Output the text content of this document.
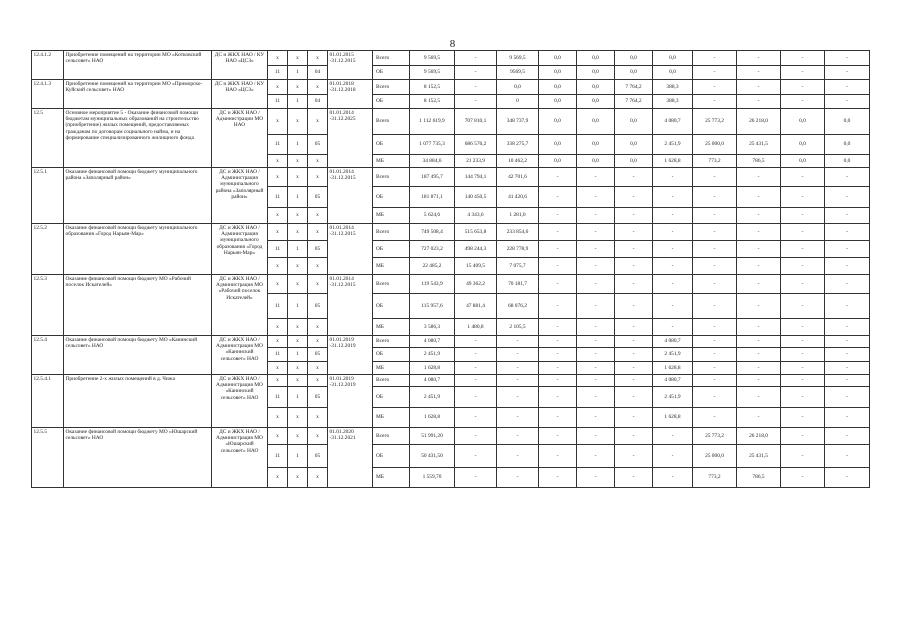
8
12.4.1.2	Приобретение помещений на территории МО «Котковский сельсовет» НАО	ДС и ЖКХ НАО / КУ НАО «ЦСЗ»	х	х	х	01.01.2015 -31.12.2015	Всего	9 569,5	-	9 569,5	0,0	0,0	0,0	0,0	-	-	-	-
			11	1	04		ОБ	9 569,5	-	9569,5	0,0	0,0	0,0	0,0	-	-	-	-
12.4.1.3	Приобретение помещений на территории МО «Приморско-Куйский сельсовет» НАО	ДС и ЖКХ НАО / КУ НАО «ЦСЗ»	х	х	х	01.01.2018 -31.12.2018	Всего	8 152,5	-	0,0	0,0	0,0	7 764,2	388,3	-	-	-	-
			11	1	04		ОБ	8 152,5	-	0	0,0	0,0	7 764,2	388,3	-	-	-	-
12.5	Основное мероприятие 5 - Оказание финансовой помощи бюджетам муниципальных образований на строительство (приобретение) жилых помещений, предоставляемых гражданам по договорам социального найма, и на формирование специализированного жилищного фонда	ДС и ЖКХ НАО / Администрации МО НАО	х	х	х	01.01.2014 -31.12.2025	Всего	1 112 619,9	707 810,1	348 737,9	0,0	0,0	0,0	4 080,7	25 773,2	26 218,0	0,0	0,0
			11	1	05		ОБ	1 077 735,3	686 576,2	338 275,7	0,0	0,0	0,0	2 451,9	25 000,0	25 431,5	0,0	0,0
			х	х	х		МБ	34 884,6	21 233,9	10 462,2	0,0	0,0	0,0	1 628,8	773,2	786,5	0,0	0,0
12.5.1	Оказание финансовой помощи бюджету муниципального района «Заполярный район»	ДС и ЖКХ НАО / Администрация муниципального района «Заполярный район»	х	х	х	01.01.2014 -31.12.2015	Всего	187 495,7	144 794,1	42 701,6	-	-	-	-	-	-	-	-
			11	1	05		ОБ	181 871,1	140 450,5	41 420,6	-	-	-	-	-	-	-	-
			х	х	х		МБ	5 624,6	4 343,6	1 281,0	-	-	-	-	-	-	-	-
12.5.2	Оказание финансовой помощи бюджету муниципального образования «Город Нарьян-Мар»	ДС и ЖКХ НАО / Администрация муниципального образования «Город Нарьян-Мар»	х	х	х	01.01.2014 -31.12.2015	Всего	749 508,4	515 653,8	233 854,6	-	-	-	-	-	-	-	-
			11	1	05		ОБ	727 023,2	498 244,3	228 778,9	-	-	-	-	-	-	-	-
			х	х	х		МБ	22 485,2	15 409,5	7 075,7	-	-	-	-	-	-	-	-
12.5.3	Оказание финансовой помощи бюджету МО «Рабочий поселок Искателей»	ДС и ЖКХ НАО / Администрация МО «Рабочий поселок Искателей»	х	х	х	01.01.2014 -31.12.2015	Всего	119 543,9	49 362,2	70 181,7	-	-	-	-	-	-	-	-
			11	1	05		ОБ	115 957,6	47 881,4	68 076,2	-	-	-	-	-	-	-	-
			х	х	х		МБ	3 586,3	1 480,8	2 105,5	-	-	-	-	-	-	-	-
12.5.4	Оказание финансовой помощи бюджету МО «Канинский сельсовет» НАО	ДС и ЖКХ НАО / Администрация МО «Канинский сельсовет» НАО	х	х	х	01.01.2019 -31.12.2019	Всего	4 080,7	-	-	-	-	-	4 080,7	-	-	-	-
			11	1	05		ОБ	2 451,9	-	-	-	-	-	2 451,9	-	-	-	-
			х	х	х		МБ	1 628,8	-	-	-	-	-	1 628,8	-	-	-	-
12.5.4.1	Приобретение 2-х жилых помещений в д. Чижа	ДС и ЖКХ НАО / Администрация МО «Канинский сельсовет» НАО	х	х	х	01.01.2019 -31.12.2019	Всего	4 080,7	-	-	-	-	-	4 080,7	-	-	-	-
			11	1	05		ОБ	2 451,9	-	-	-	-	-	2 451,9	-	-	-	-
			х	х	х		МБ	1 628,8	-	-	-	-	-	1 628,8	-	-	-	-
12.5.5	Оказание финансовой помощи бюджету МО «Юшарский сельсовет» НАО	ДС и ЖКХ НАО / Администрация МО «Юшарский сельсовет» НАО	х	х	х	01.01.2020 -31.12.2021	Всего	51 991,20	-	-	-	-	-	-	25 773,2	26 218,0	-	-
			11	1	05		ОБ	50 431,50	-	-	-	-	-	-	25 000,0	25 431,5	-	-
			х	х	х		МБ	1 559,70	-	-	-	-	-	-	773,2	786,5	-	-
